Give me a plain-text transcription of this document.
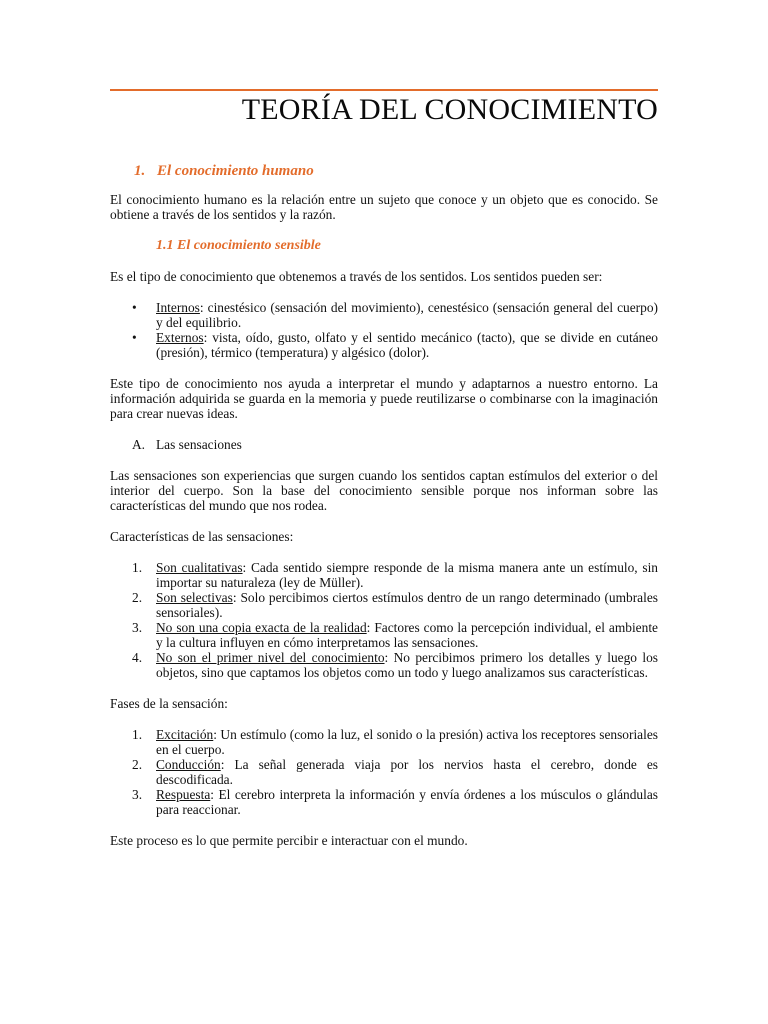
TEORÍA DEL CONOCIMIENTO
1. El conocimiento humano

El conocimiento humano es la relación entre un sujeto que conoce y un objeto que es conocido. Se obtiene a través de los sentidos y la razón.

1.1 El conocimiento sensible

Es el tipo de conocimiento que obtenemos a través de los sentidos. Los sentidos pueden ser:

• Internos: cinestésico (sensación del movimiento), cenestésico (sensación general del cuerpo) y del equilibrio.
• Externos: vista, oído, gusto, olfato y el sentido mecánico (tacto), que se divide en cutáneo (presión), térmico (temperatura) y algésico (dolor).

Este tipo de conocimiento nos ayuda a interpretar el mundo y adaptarnos a nuestro entorno. La información adquirida se guarda en la memoria y puede reutilizarse o combinarse con la imaginación para crear nuevas ideas.

A. Las sensaciones

Las sensaciones son experiencias que surgen cuando los sentidos captan estímulos del exterior o del interior del cuerpo. Son la base del conocimiento sensible porque nos informan sobre las características del mundo que nos rodea.

Características de las sensaciones:

1. Son cualitativas: Cada sentido siempre responde de la misma manera ante un estímulo, sin importar su naturaleza (ley de Müller).
2. Son selectivas: Solo percibimos ciertos estímulos dentro de un rango determinado (umbrales sensoriales).
3. No son una copia exacta de la realidad: Factores como la percepción individual, el ambiente y la cultura influyen en cómo interpretamos las sensaciones.
4. No son el primer nivel del conocimiento: No percibimos primero los detalles y luego los objetos, sino que captamos los objetos como un todo y luego analizamos sus características.

Fases de la sensación:

1. Excitación: Un estímulo (como la luz, el sonido o la presión) activa los receptores sensoriales en el cuerpo.
2. Conducción: La señal generada viaja por los nervios hasta el cerebro, donde es descodificada.
3. Respuesta: El cerebro interpreta la información y envía órdenes a los músculos o glándulas para reaccionar.

Este proceso es lo que permite percibir e interactuar con el mundo.
